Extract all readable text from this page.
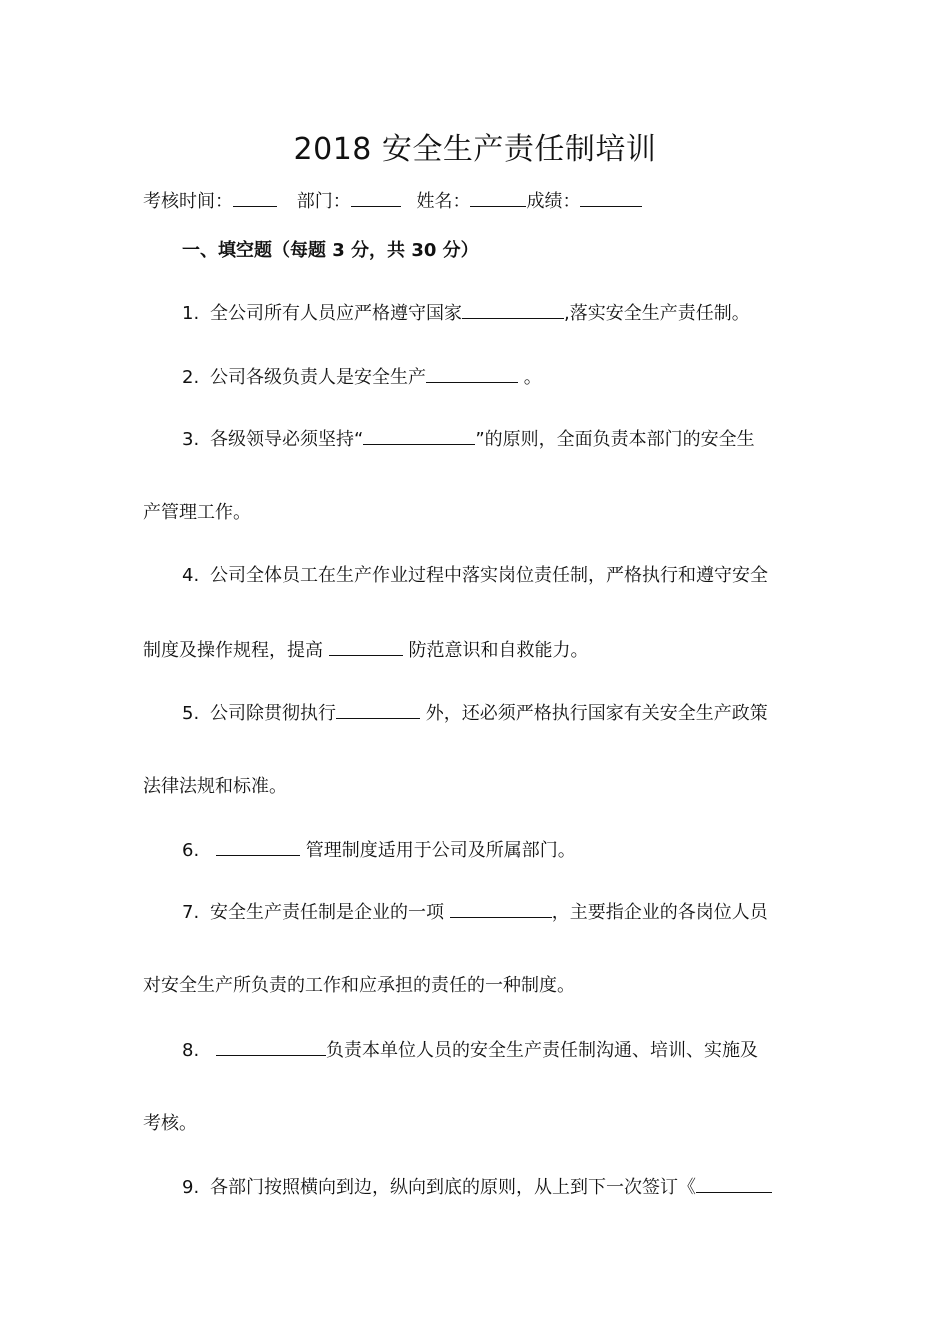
2018 安全生产责任制培训
考核时间：	部门：	姓名：	成绩：
一、填空题（每题 3 分，共 30 分）
1. 全公司所有人员应严格遵守国家	,落实安全生产责任制。
2. 公司各级负责人是安全生产	。
3. 各级领导必须坚持“	”的原则，全面负责本部门的安全生
产管理工作。
4. 公司全体员工在生产作业过程中落实岗位责任制，严格执行和遵守安全
制度及操作规程，提高	防范意识和自救能力。
5. 公司除贯彻执行	外，还必须严格执行国家有关安全生产政策
法律法规和标准。
6.	管理制度适用于公司及所属部门。
7. 安全生产责任制是企业的一项	，主要指企业的各岗位人员
对安全生产所负责的工作和应承担的责任的一种制度。
8.	负责本单位人员的安全生产责任制沟通、培训、实施及
考核。
9. 各部门按照横向到边，纵向到底的原则，从上到下一次签订《
